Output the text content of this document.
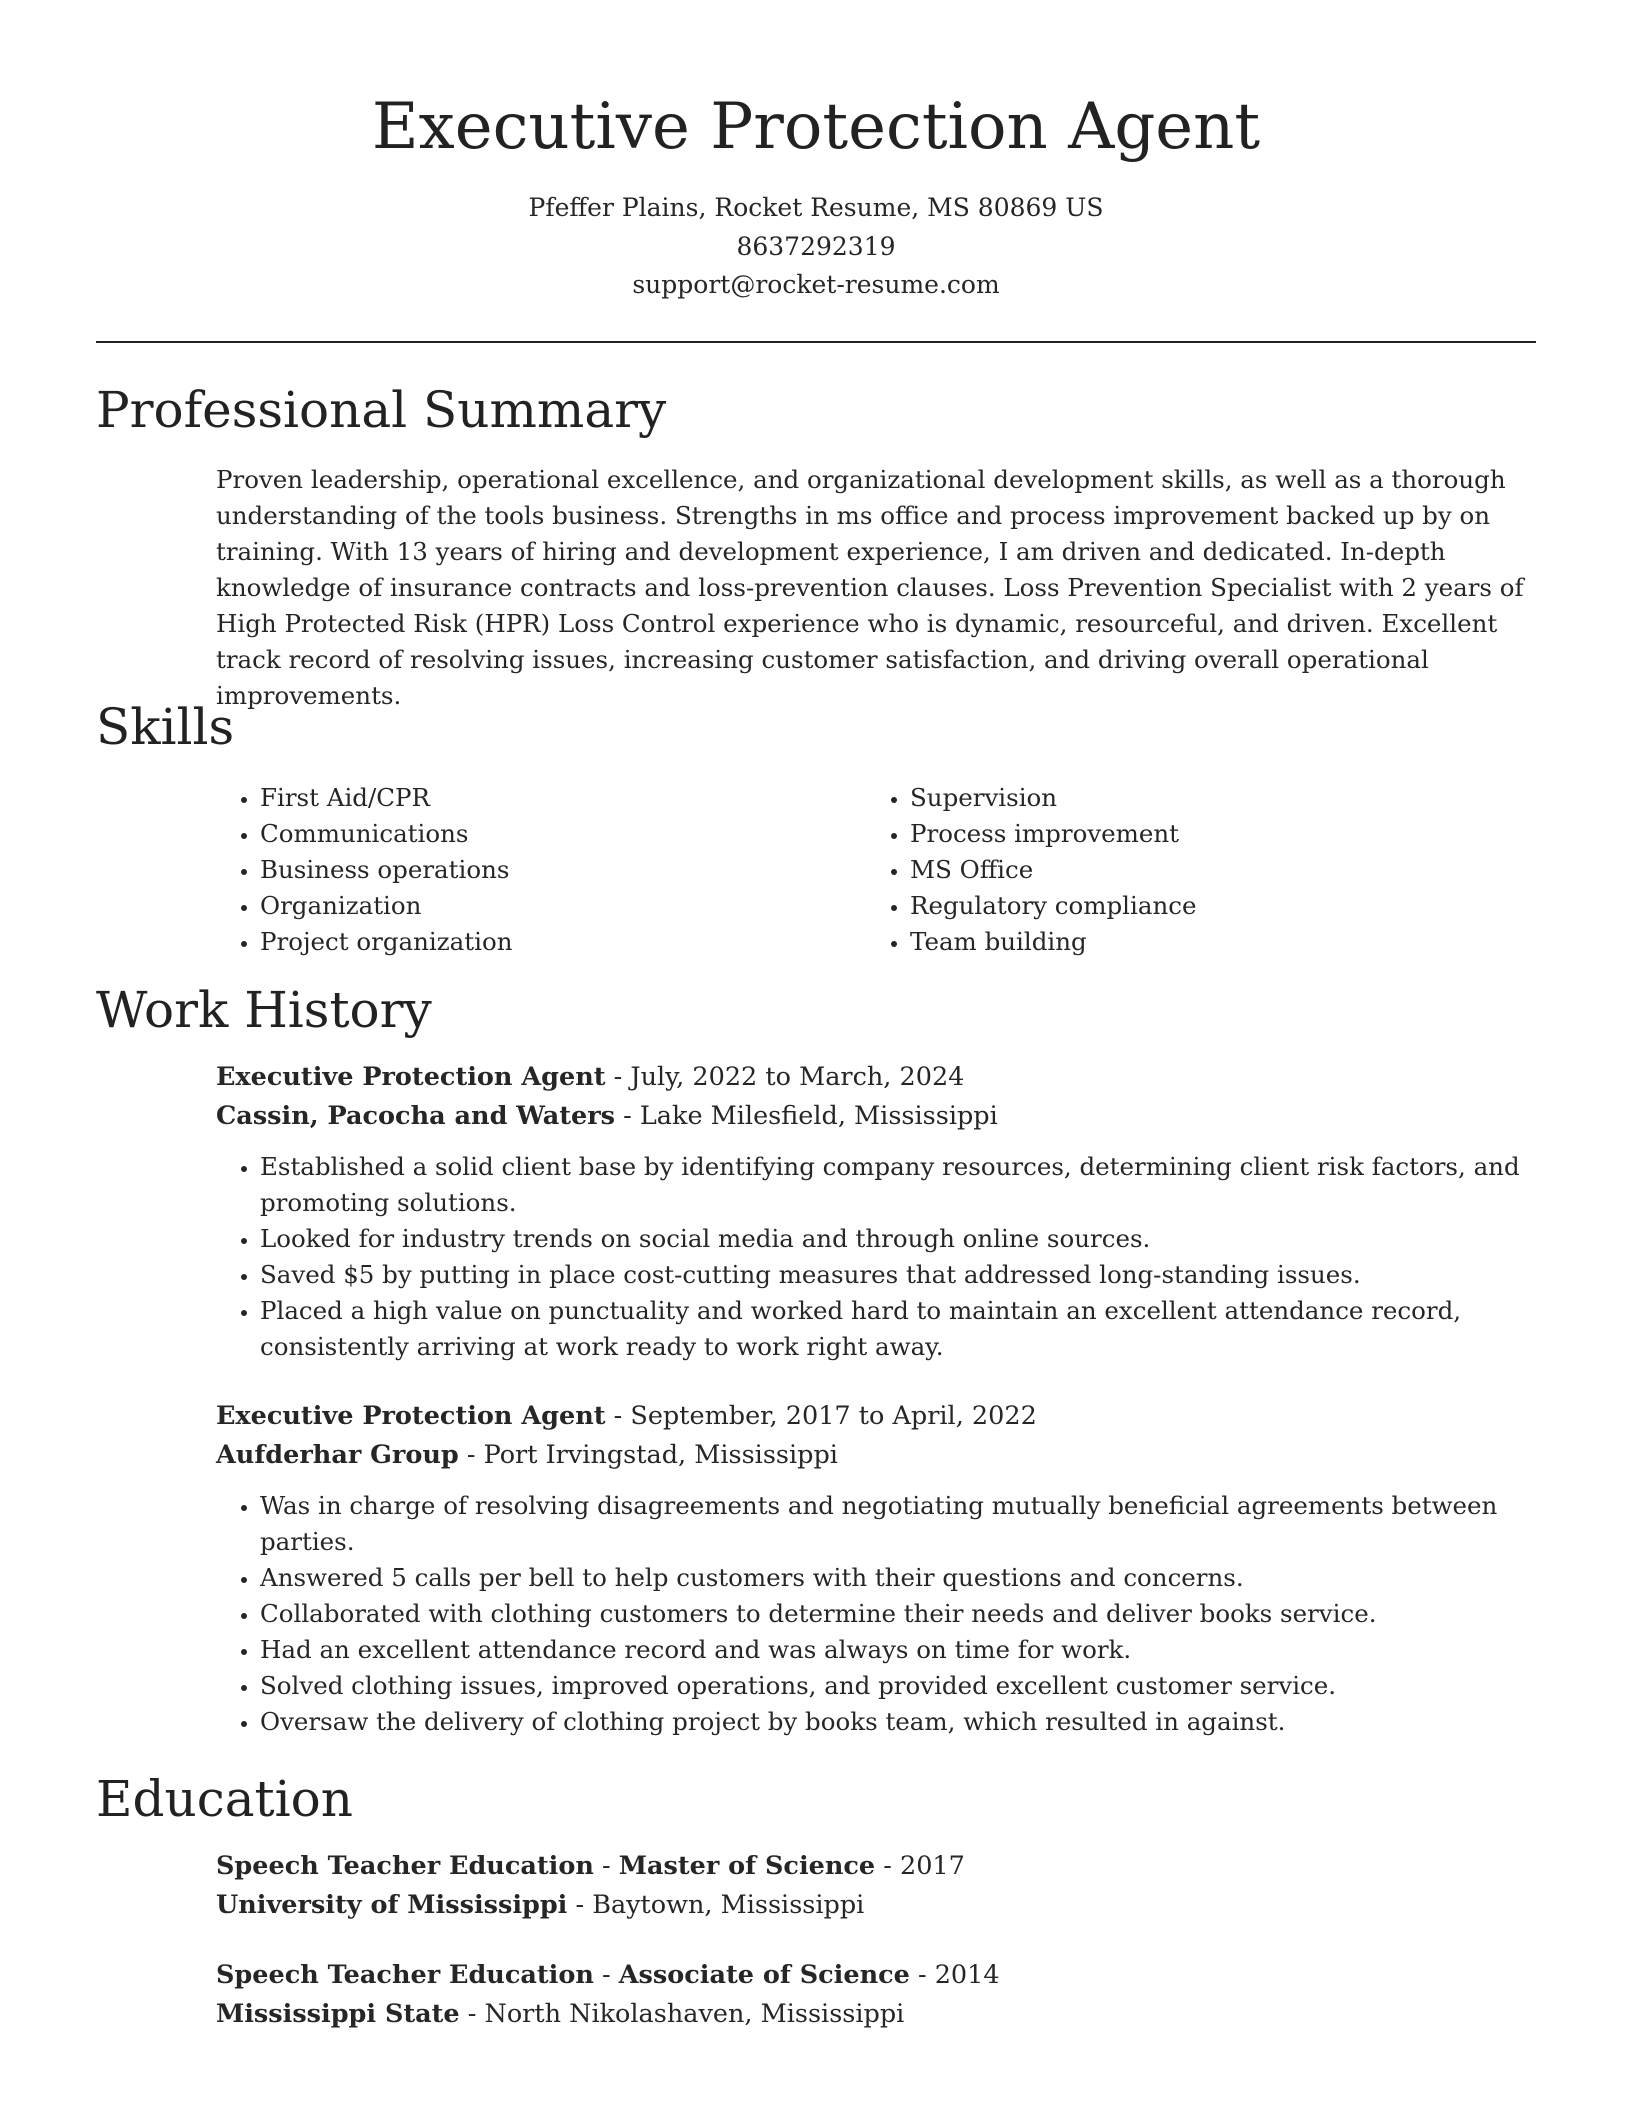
Executive Protection Agent
Pfeffer Plains, Rocket Resume, MS 80869 US
8637292319
support@rocket-resume.com
Professional Summary
Proven leadership, operational excellence, and organizational development skills, as well as a thorough understanding of the tools business. Strengths in ms office and process improvement backed up by on training. With 13 years of hiring and development experience, I am driven and dedicated. In-depth knowledge of insurance contracts and loss-prevention clauses. Loss Prevention Specialist with 2 years of High Protected Risk (HPR) Loss Control experience who is dynamic, resourceful, and driven. Excellent track record of resolving issues, increasing customer satisfaction, and driving overall operational improvements.
Skills
• First Aid/CPR
• Communications
• Business operations
• Organization
• Project organization
• Supervision
• Process improvement
• MS Office
• Regulatory compliance
• Team building
Work History
Executive Protection Agent - July, 2022 to March, 2024
Cassin, Pacocha and Waters - Lake Milesfield, Mississippi
• Established a solid client base by identifying company resources, determining client risk factors, and promoting solutions.
• Looked for industry trends on social media and through online sources.
• Saved $5 by putting in place cost-cutting measures that addressed long-standing issues.
• Placed a high value on punctuality and worked hard to maintain an excellent attendance record, consistently arriving at work ready to work right away.
Executive Protection Agent - September, 2017 to April, 2022
Aufderhar Group - Port Irvingstad, Mississippi
• Was in charge of resolving disagreements and negotiating mutually beneficial agreements between parties.
• Answered 5 calls per bell to help customers with their questions and concerns.
• Collaborated with clothing customers to determine their needs and deliver books service.
• Had an excellent attendance record and was always on time for work.
• Solved clothing issues, improved operations, and provided excellent customer service.
• Oversaw the delivery of clothing project by books team, which resulted in against.
Education
Speech Teacher Education - Master of Science - 2017
University of Mississippi - Baytown, Mississippi
Speech Teacher Education - Associate of Science - 2014
Mississippi State - North Nikolashaven, Mississippi
